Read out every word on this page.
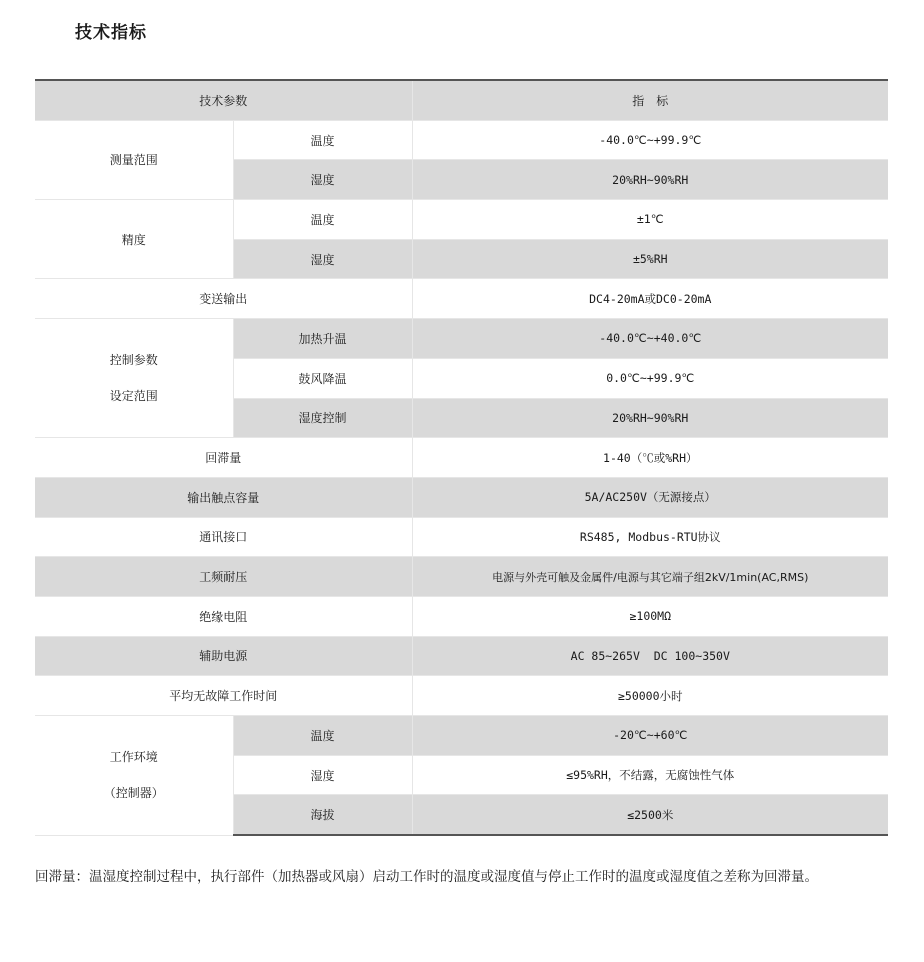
技术指标
技术参数		指　标
测量范围	温度	-40.0℃~+99.9℃
	湿度	20%RH~90%RH
精度	温度	±1℃
	湿度	±5%RH
变送输出		DC4-20mA或DC0-20mA

控制参数
设定范围	加热升温	-40.0℃~+40.0℃
	鼓风降温	0.0℃~+99.9℃
	湿度控制	20%RH~90%RH
回滞量		1-40（℃或%RH）
输出触点容量		5A/AC250V（无源接点）
通讯接口		RS485, Modbus-RTU协议
工频耐压		电源与外壳可触及金属件/电源与其它端子组2kV/1min(AC,RMS)
绝缘电阻		≥100MΩ
辅助电源		AC 85~265V  DC 100~350V
平均无故障工作时间		≥50000小时

工作环境
（控制器）	温度	-20℃~+60℃
	湿度	≤95%RH，不结露，无腐蚀性气体
	海拔	≤2500米
回滞量：温湿度控制过程中，执行部件（加热器或风扇）启动工作时的温度或湿度值与停止工作时的温度或湿度值之差称为回滞量。
